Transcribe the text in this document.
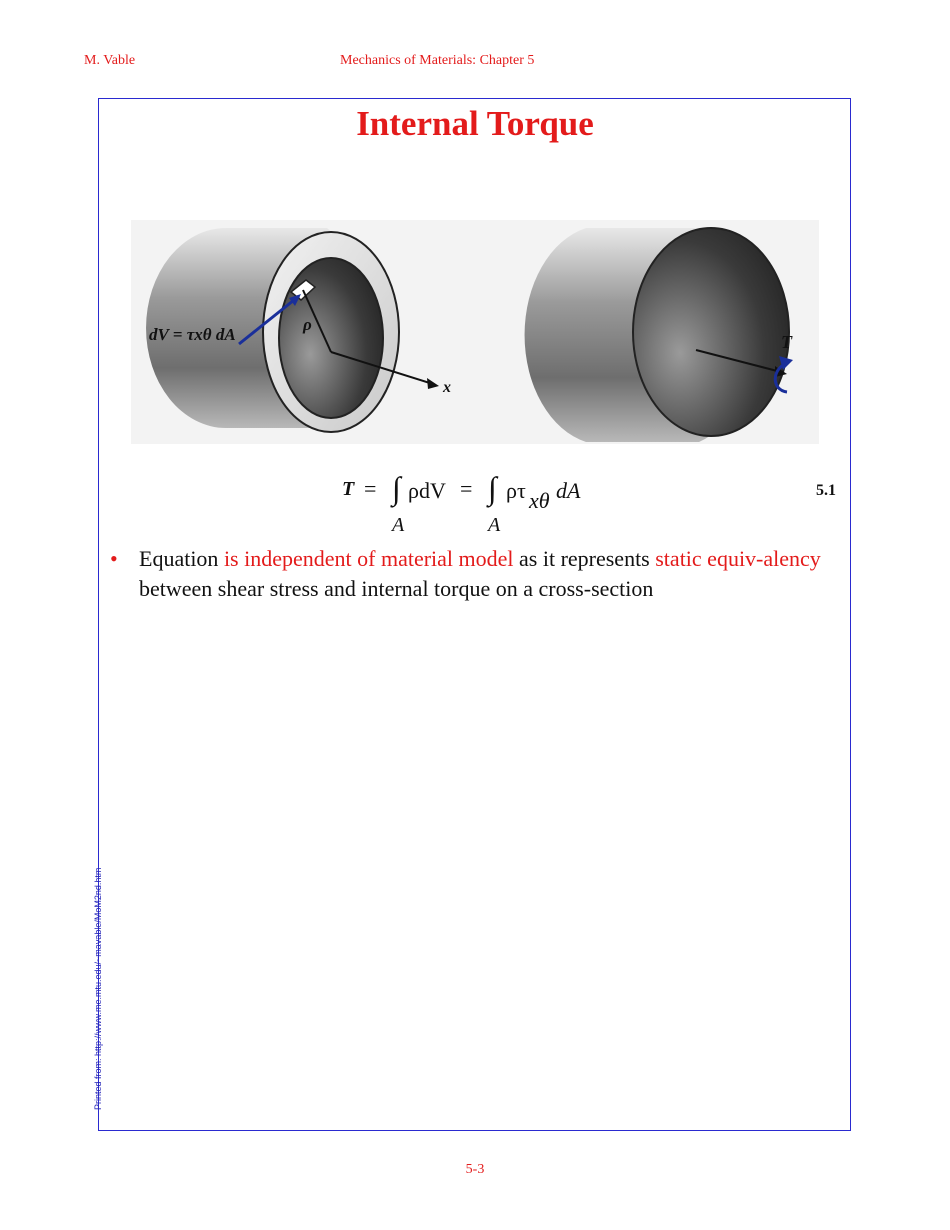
M. Vable	Mechanics of Materials: Chapter 5
Internal Torque
dV = τxθ dA
ρ
x
T
T = ∫ ρdV = ∫ ρτ xθ dA
A	A
5.1
• Equation is independent of material model as it represents static equiv-alency between shear stress and internal torque on a cross-section
Printed from: http://www.me.mtu.edu/~mavable/MoM2nd.htm
5-3
